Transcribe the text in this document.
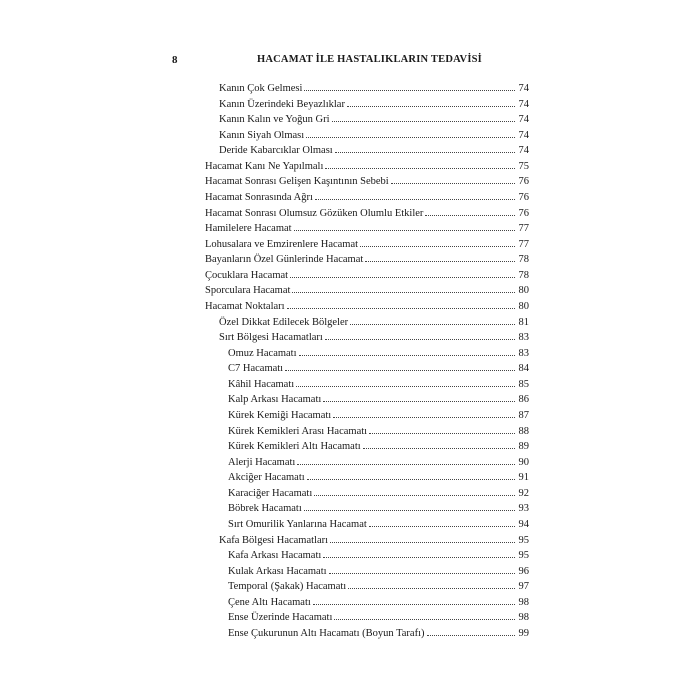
8	HACAMAT İLE HASTALIKLARIN TEDAVİSİ
Kanın Çok Gelmesi	74
Kanın Üzerindeki Beyazlıklar	74
Kanın Kalın ve Yoğun Gri	74
Kanın Siyah Olması	74
Deride Kabarcıklar Olması	74
Hacamat Kanı Ne Yapılmalı	75
Hacamat Sonrası Gelişen Kaşıntının Sebebi	76
Hacamat Sonrasında Ağrı	76
Hacamat Sonrası Olumsuz Gözüken Olumlu Etkiler	76
Hamilelere Hacamat	77
Lohusalara ve Emzirenlere Hacamat	77
Bayanların Özel Günlerinde Hacamat	78
Çocuklara Hacamat	78
Sporculara Hacamat	80
Hacamat Noktaları	80
Özel Dikkat Edilecek Bölgeler	81
Sırt Bölgesi Hacamatları	83
Omuz Hacamatı	83
C7 Hacamatı	84
Kâhil Hacamatı	85
Kalp Arkası Hacamatı	86
Kürek Kemiği Hacamatı	87
Kürek Kemikleri Arası Hacamatı	88
Kürek Kemikleri Altı Hacamatı	89
Alerji Hacamatı	90
Akciğer Hacamatı	91
Karaciğer Hacamatı	92
Böbrek Hacamatı	93
Sırt Omurilik Yanlarına Hacamat	94
Kafa Bölgesi Hacamatları	95
Kafa Arkası Hacamatı	95
Kulak Arkası Hacamatı	96
Temporal (Şakak) Hacamatı	97
Çene Altı Hacamatı	98
Ense Üzerinde Hacamatı	98
Ense Çukurunun Altı Hacamatı (Boyun Tarafı)	99
